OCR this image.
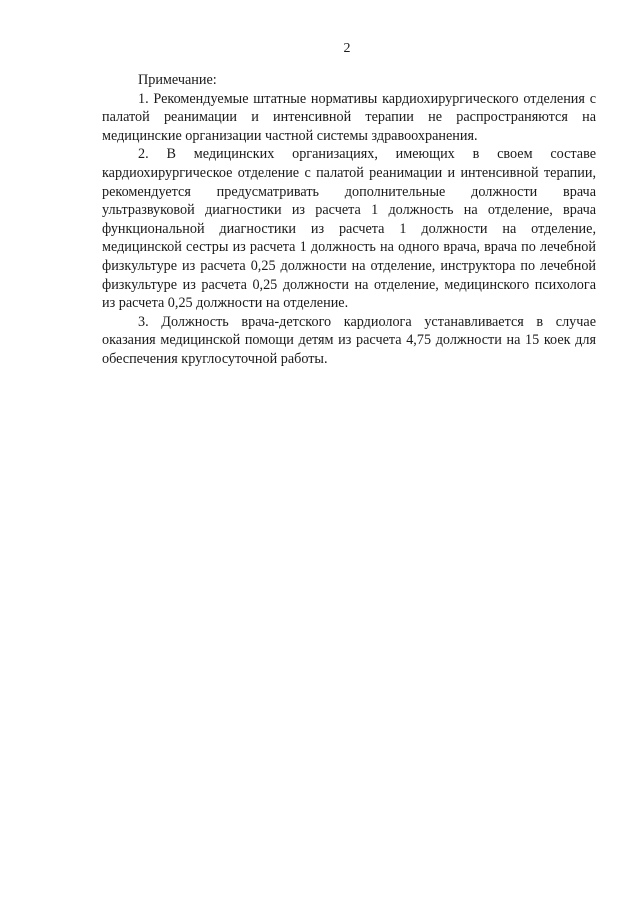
2

Примечание:

1. Рекомендуемые штатные нормативы кардиохирургического отделения с палатой реанимации и интенсивной терапии не распространяются на медицинские организации частной системы здравоохранения.

2. В медицинских организациях, имеющих в своем составе кардиохирургическое отделение с палатой реанимации и интенсивной терапии, рекомендуется предусматривать дополнительные должности врача ультразвуковой диагностики из расчета 1 должность на отделение, врача функциональной диагностики из расчета 1 должности на отделение, медицинской сестры из расчета 1 должность на одного врача, врача по лечебной физкультуре из расчета 0,25 должности на отделение, инструктора по лечебной физкультуре из расчета 0,25 должности на отделение, медицинского психолога из расчета 0,25 должности на отделение.

3. Должность врача-детского кардиолога устанавливается в случае оказания медицинской помощи детям из расчета 4,75 должности на 15 коек для обеспечения круглосуточной работы.
